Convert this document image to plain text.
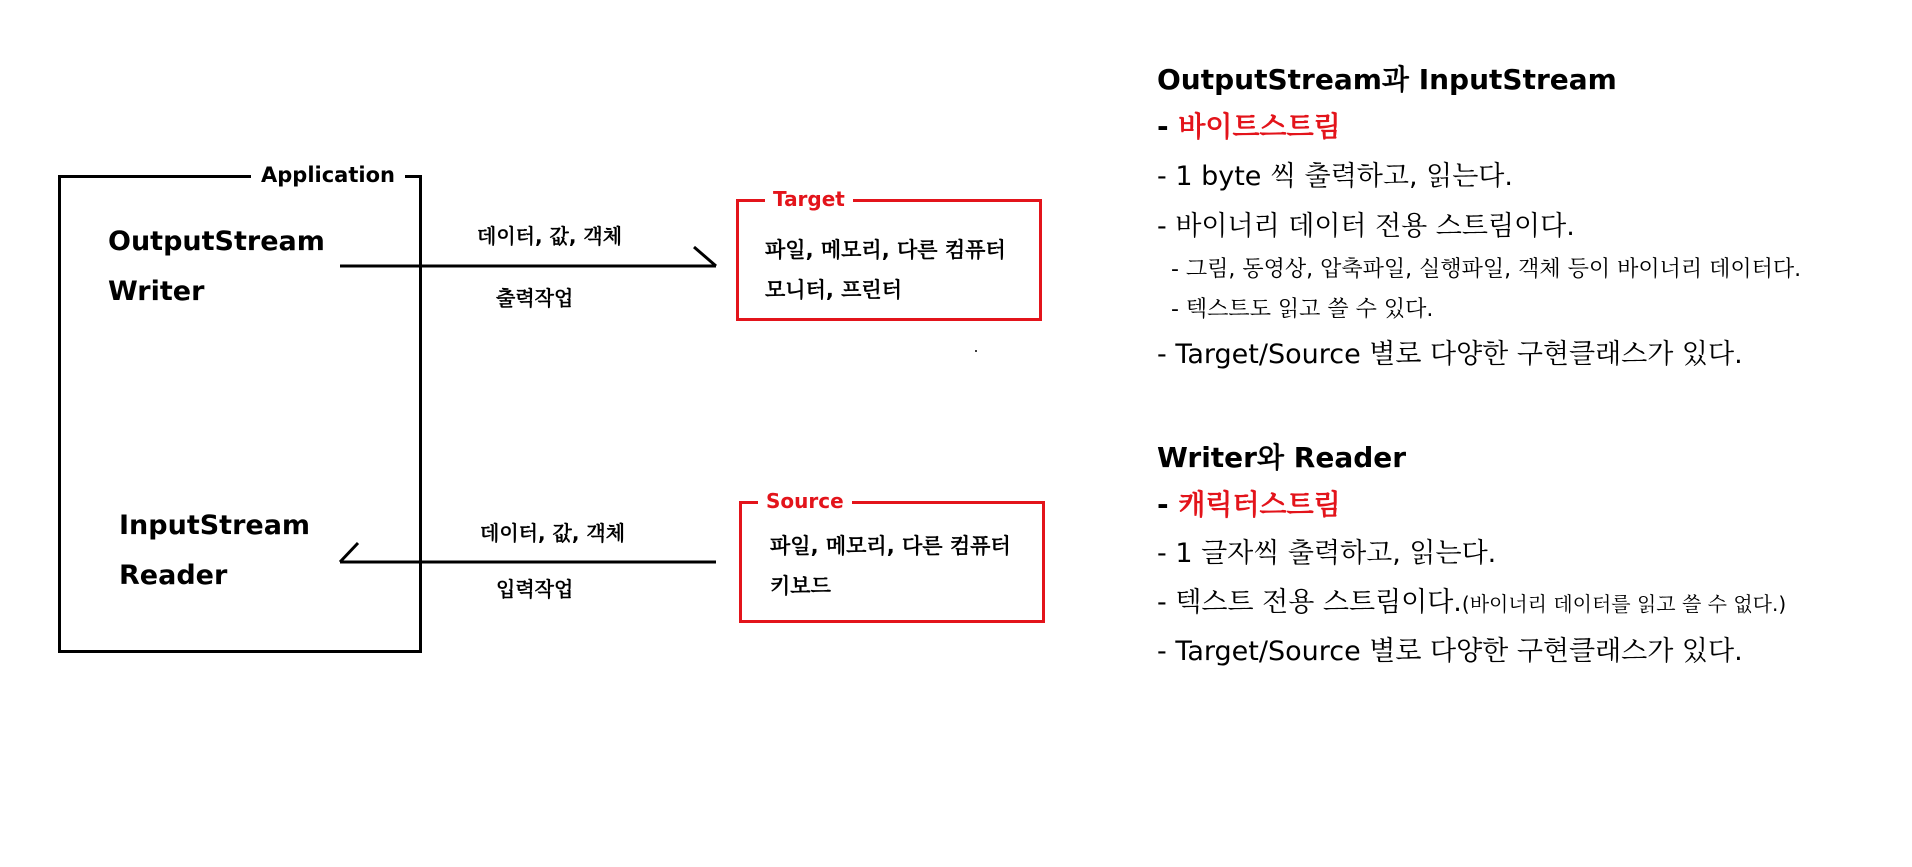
Application
OutputStream
Writer
InputStream
Reader
데이터, 값, 객체
출력작업
데이터, 값, 객체
입력작업
Target
파일, 메모리, 다른 컴퓨터
모니터, 프린터
Source
파일, 메모리, 다른 컴퓨터
키보드
OutputStream과 InputStream
- 바이트스트림
- 1 byte 씩 출력하고, 읽는다.
- 바이너리 데이터 전용 스트림이다.
- 그림, 동영상, 압축파일, 실행파일, 객체 등이 바이너리 데이터다.
- 텍스트도 읽고 쓸 수 있다.
- Target/Source 별로 다양한 구현클래스가 있다.
Writer와 Reader
- 캐릭터스트림
- 1 글자씩 출력하고, 읽는다.
- 텍스트 전용 스트림이다.(바이너리 데이터를 읽고 쓸 수 없다.)
- Target/Source 별로 다양한 구현클래스가 있다.
